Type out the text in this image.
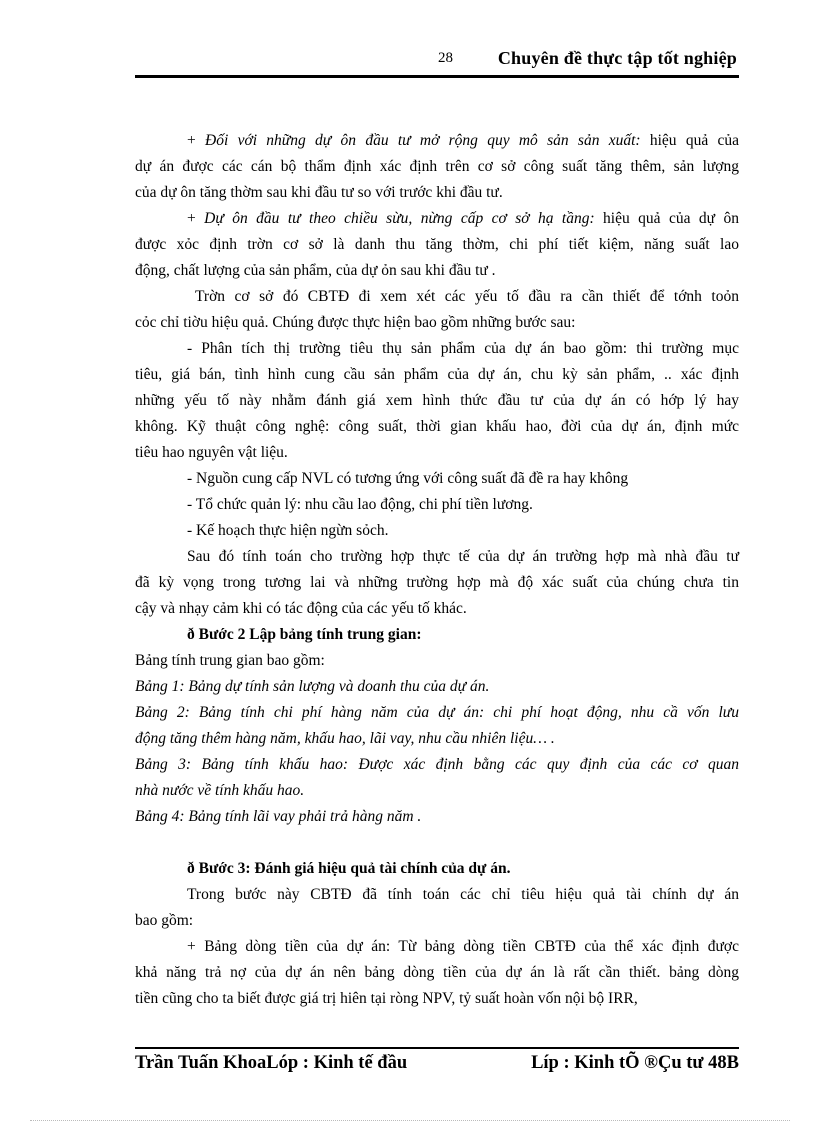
28 Chuyên đề thực tập tốt nghiệp
+ Đối với những dự ôn đầu tư mở rộng quy mô sản sản xuất: hiệu quả của
dự án được các cán bộ thẩm định xác định trên cơ sở công suất tăng thêm, sản lượng
của dự ôn tăng thờm sau khi đầu tư so với trước khi đầu tư.
+ Dự ôn đầu tư theo chiều sừu, nừng cấp cơ sở hạ tầng: hiệu quả của dự ôn
được xỏc định trờn cơ sở là danh thu tăng thờm, chi phí tiết kiệm, năng suất lao
động, chất lượng của sản phẩm, của dự ỏn sau khi đầu tư .
Trờn cơ sở đó CBTĐ đi xem xét các yếu tố đầu ra cần thiết để tớnh toỏn
cỏc chỉ tiờu hiệu quả. Chúng được thực hiện bao gồm những bước sau:
- Phân tích thị trường tiêu thụ sản phẩm của dự án bao gồm: thi trường mục
tiêu, giá bán, tình hình cung cầu sản phẩm của dự án, chu kỳ sản phẩm, .. xác định
những yếu tố này nhằm đánh giá xem hình thức đầu tư của dự án có hớp lý hay
không. Kỹ thuật công nghệ: công suất, thời gian khấu hao, đời của dự án, định mức
tiêu hao nguyên vật liệu.
- Nguồn cung cấp NVL có tương ứng với công suất đã đề ra hay không
- Tổ chức quản lý: nhu cầu lao động, chi phí tiền lương.
- Kế hoạch thực hiện ngừn sỏch.
Sau đó tính toán cho trường hợp thực tế của dự án trường hợp mà nhà đầu tư
đã kỳ vọng trong tương lai và những trường hợp mà độ xác suất của chúng chưa tin
cậy và nhạy cảm khi có tác động của các yếu tố khác.
ð Bước 2 Lập bảng tính trung gian:
Bảng tính trung gian bao gồm:
Bảng 1: Bảng dự tính sản lượng và doanh thu của dự án.
Bảng 2: Bảng tính chi phí hàng năm của dự án: chi phí hoạt động, nhu cầ vốn lưu
động tăng thêm hàng năm, khấu hao, lãi vay, nhu cầu nhiên liệu… .
Bảng 3: Bảng tính khấu hao: Được xác định bằng các quy định của các cơ quan
nhà nước về tính khấu hao.
Bảng 4: Bảng tính lãi vay phải trả hàng năm .
ð Bước 3: Đánh giá hiệu quả tài chính của dự án.
Trong bước này CBTĐ đã tính toán các chỉ tiêu hiệu quả tài chính dự án
bao gồm:
+ Bảng dòng tiền của dự án: Từ bảng dòng tiền CBTĐ của thể xác định được
khả năng trả nợ của dự án nên bảng dòng tiền của dự án là rất cần thiết. bảng dòng
tiền cũng cho ta biết được giá trị hiên tại ròng NPV, tỷ suất hoàn vốn nội bộ IRR,
Trần Tuấn KhoaLóp : Kinh tế đầu	Líp : Kinh tÕ ®Çu tư 48B
